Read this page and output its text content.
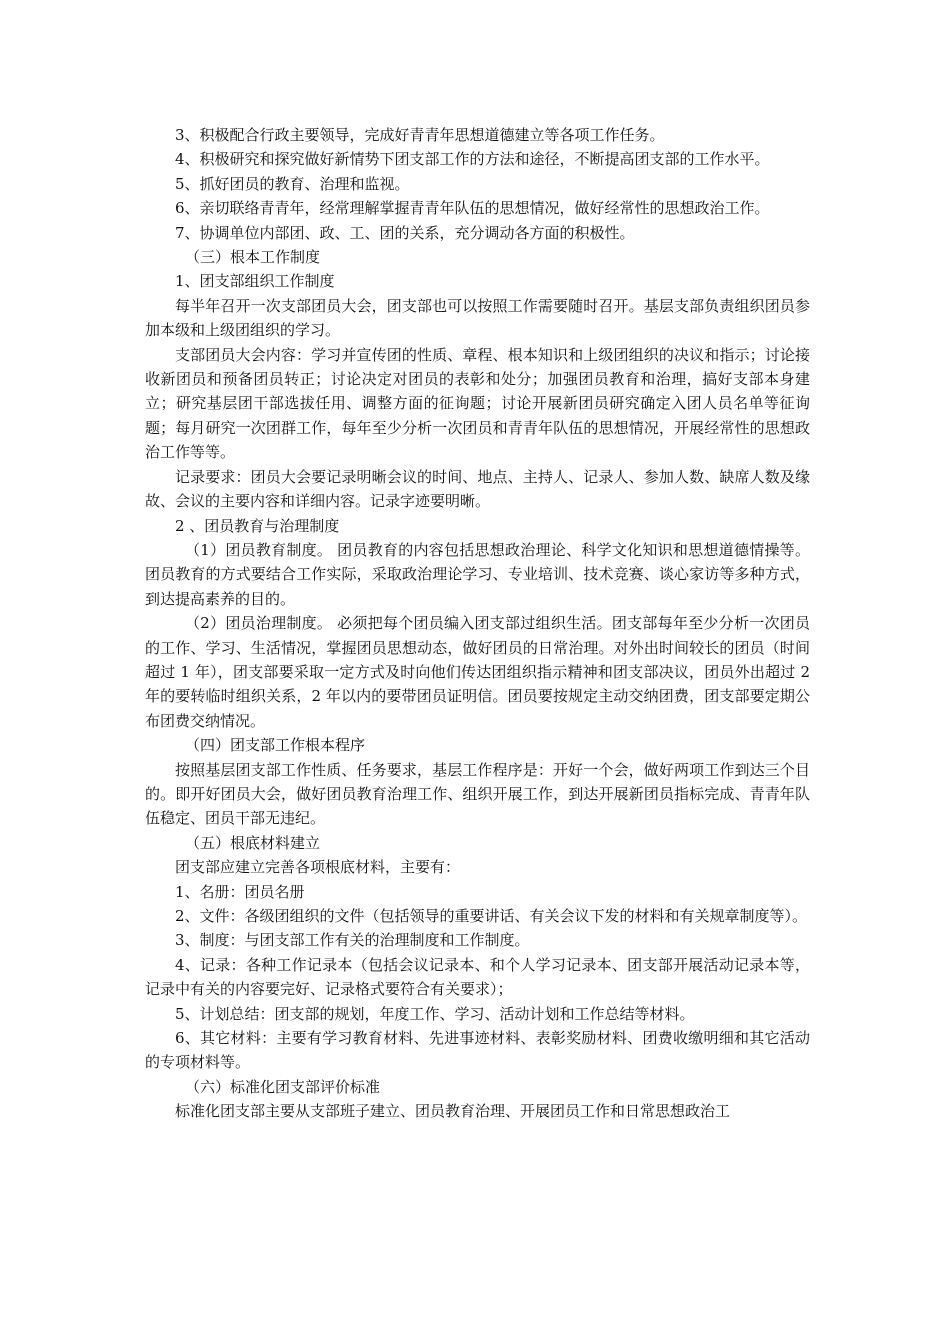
3、积极配合行政主要领导，完成好青青年思想道德建立等各项工作任务。

4、积极研究和探究做好新情势下团支部工作的方法和途径，不断提高团支部的工作水平。

5、抓好团员的教育、治理和监视。

6、亲切联络青青年，经常理解掌握青青年队伍的思想情况，做好经常性的思想政治工作。

7、协调单位内部团、政、工、团的关系，充分调动各方面的积极性。

（三）根本工作制度

1、团支部组织工作制度

每半年召开一次支部团员大会，团支部也可以按照工作需要随时召开。基层支部负责组织团员参加本级和上级团组织的学习。

支部团员大会内容：学习并宣传团的性质、章程、根本知识和上级团组织的决议和指示；讨论接收新团员和预备团员转正；讨论决定对团员的表彰和处分；加强团员教育和治理，搞好支部本身建立；研究基层团干部选拔任用、调整方面的征询题；讨论开展新团员研究确定入团人员名单等征询题；每月研究一次团群工作，每年至少分析一次团员和青青年队伍的思想情况，开展经常性的思想政治工作等等。

记录要求：团员大会要记录明晰会议的时间、地点、主持人、记录人、参加人数、缺席人数及缘故、会议的主要内容和详细内容。记录字迹要明晰。

2 、团员教育与治理制度

（1）团员教育制度。 团员教育的内容包括思想政治理论、科学文化知识和思想道德情操等。团员教育的方式要结合工作实际，采取政治理论学习、专业培训、技术竞赛、谈心家访等多种方式，到达提高素养的目的。

（2）团员治理制度。 必须把每个团员编入团支部过组织生活。团支部每年至少分析一次团员的工作、学习、生活情况，掌握团员思想动态，做好团员的日常治理。对外出时间较长的团员（时间超过 1 年），团支部要采取一定方式及时向他们传达团组织指示精神和团支部决议，团员外出超过 2 年的要转临时组织关系，2 年以内的要带团员证明信。团员要按规定主动交纳团费，团支部要定期公布团费交纳情况。

（四）团支部工作根本程序

按照基层团支部工作性质、任务要求，基层工作程序是：开好一个会，做好两项工作到达三个目的。即开好团员大会，做好团员教育治理工作、组织开展工作，到达开展新团员指标完成、青青年队伍稳定、团员干部无违纪。

（五）根底材料建立

团支部应建立完善各项根底材料，主要有：

1、名册：团员名册

2、文件：各级团组织的文件（包括领导的重要讲话、有关会议下发的材料和有关规章制度等）。

3、制度：与团支部工作有关的治理制度和工作制度。

4、记录：各种工作记录本（包括会议记录本、和个人学习记录本、团支部开展活动记录本等，记录中有关的内容要完好、记录格式要符合有关要求）；

5、计划总结：团支部的规划，年度工作、学习、活动计划和工作总结等材料。

6、其它材料：主要有学习教育材料、先进事迹材料、表彰奖励材料、团费收缴明细和其它活动的专项材料等。

（六）标准化团支部评价标准

标准化团支部主要从支部班子建立、团员教育治理、开展团员工作和日常思想政治工
